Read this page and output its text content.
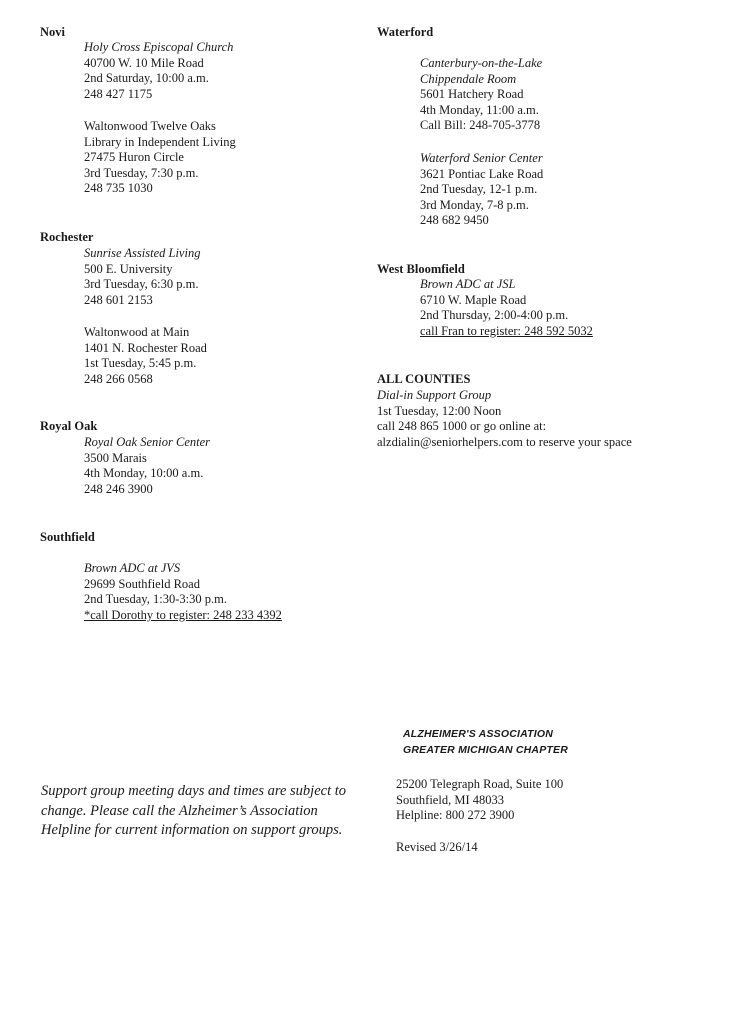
Novi
Holy Cross Episcopal Church
40700 W. 10 Mile Road
2nd Saturday, 10:00 a.m.
248 427 1175
Waltonwood Twelve Oaks
Library in Independent Living
27475 Huron Circle
3rd Tuesday, 7:30 p.m.
248 735 1030
Rochester
Sunrise Assisted Living
500 E. University
3rd Tuesday, 6:30 p.m.
248 601 2153
Waltonwood at Main
1401 N. Rochester Road
1st Tuesday, 5:45 p.m.
248 266 0568
Royal Oak
Royal Oak Senior Center
3500 Marais
4th Monday, 10:00 a.m.
248 246 3900
Southfield
Brown ADC at JVS
29699 Southfield Road
2nd Tuesday, 1:30-3:30 p.m.
*call Dorothy to register: 248 233 4392
Waterford
Canterbury-on-the-Lake
Chippendale Room
5601 Hatchery Road
4th Monday, 11:00 a.m.
Call Bill: 248-705-3778
Waterford Senior Center
3621 Pontiac Lake Road
2nd Tuesday, 12-1 p.m.
3rd Monday, 7-8 p.m.
248 682 9450
West Bloomfield
Brown ADC at JSL
6710 W. Maple Road
2nd Thursday, 2:00-4:00 p.m.
call Fran to register: 248 592 5032
ALL COUNTIES
Dial-in Support Group
1st Tuesday, 12:00 Noon
call 248 865 1000 or go online at:
alzdialin@seniorhelpers.com to reserve your space
ALZHEIMER'S ASSOCIATION
GREATER MICHIGAN CHAPTER
Support group meeting days and times are subject to
change. Please call the Alzheimer’s Association
Helpline for current information on support groups.
25200 Telegraph Road, Suite 100
Southfield, MI 48033
Helpline: 800 272 3900
Revised 3/26/14
